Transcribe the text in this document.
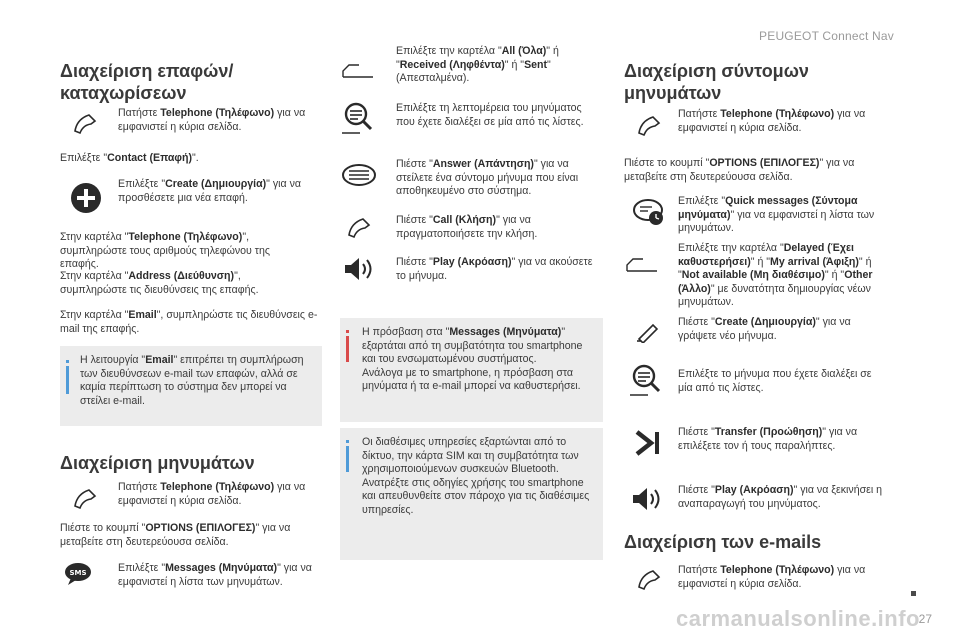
PEUGEOT Connect Nav
Διαχείριση επαφών/ καταχωρίσεων

Πατήστε Telephone (Τηλέφωνο) για να εμφανιστεί η κύρια σελίδα.

Επιλέξτε "Contact (Επαφή)".

Επιλέξτε "Create (Δημιουργία)" για να προσθέσετε μια νέα επαφή.

Στην καρτέλα "Telephone (Τηλέφωνο)", συμπληρώστε τους αριθμούς τηλεφώνου της επαφής.

Στην καρτέλα "Address (Διεύθυνση)", συμπληρώστε τις διευθύνσεις της επαφής.

Στην καρτέλα "Email", συμπληρώστε τις διευθύνσεις e-mail της επαφής.

Η λειτουργία "Email" επιτρέπει τη συμπλήρωση των διευθύνσεων e-mail των επαφών, αλλά σε καμία περίπτωση το σύστημα δεν μπορεί να στείλει e-mail.

Διαχείριση μηνυμάτων

Πατήστε Telephone (Τηλέφωνο) για να εμφανιστεί η κύρια σελίδα.

Πιέστε το κουμπί "OPTIONS (ΕΠΙΛΟΓΕΣ)" για να μεταβείτε στη δευτερεύουσα σελίδα.

SMS	Επιλέξτε "Messages (Μηνύματα)" για να εμφανιστεί η λίστα των μηνυμάτων.

Επιλέξτε την καρτέλα "All (Όλα)" ή "Received (Ληφθέντα)" ή "Sent" (Απεσταλμένα).

Επιλέξτε τη λεπτομέρεια του μηνύματος που έχετε διαλέξει σε μία από τις λίστες.

Πιέστε "Answer (Απάντηση)" για να στείλετε ένα σύντομο μήνυμα που είναι αποθηκευμένο στο σύστημα.

Πιέστε "Call (Κλήση)" για να πραγματοποιήσετε την κλήση.

Πιέστε "Play (Ακρόαση)" για να ακούσετε το μήνυμα.

Η πρόσβαση στα "Messages (Μηνύματα)" εξαρτάται από τη συμβατότητα του smartphone και του ενσωματωμένου συστήματος.
Ανάλογα με το smartphone, η πρόσβαση στα μηνύματα ή τα e-mail μπορεί να καθυστερήσει.

Οι διαθέσιμες υπηρεσίες εξαρτώνται από το δίκτυο, την κάρτα SIM και τη συμβατότητα των χρησιμοποιούμενων συσκευών Bluetooth. Ανατρέξτε στις οδηγίες χρήσης του smartphone και απευθυνθείτε στον πάροχο για τις διαθέσιμες υπηρεσίες.

Διαχείριση σύντομων μηνυμάτων

Πατήστε Telephone (Τηλέφωνο) για να εμφανιστεί η κύρια σελίδα.

Πιέστε το κουμπί "OPTIONS (ΕΠΙΛΟΓΕΣ)" για να μεταβείτε στη δευτερεύουσα σελίδα.

Επιλέξτε "Quick messages (Σύντομα μηνύματα)" για να εμφανιστεί η λίστα των μηνυμάτων.

Επιλέξτε την καρτέλα "Delayed (Έχει καθυστερήσει)" ή "My arrival (Άφιξη)" ή "Not available (Μη διαθέσιμο)" ή "Other (Άλλο)" με δυνατότητα δημιουργίας νέων μηνυμάτων.

Πιέστε "Create (Δημιουργία)" για να γράψετε νέο μήνυμα.

Επιλέξτε το μήνυμα που έχετε διαλέξει σε μία από τις λίστες.

Πιέστε "Transfer (Προώθηση)" για να επιλέξετε τον ή τους παραλήπτες.

Πιέστε "Play (Ακρόαση)" για να ξεκινήσει η αναπαραγωγή του μηνύματος.

Διαχείριση των e-mails

Πατήστε Telephone (Τηλέφωνο) για να εμφανιστεί η κύρια σελίδα.

carmanualsonline.info
27
